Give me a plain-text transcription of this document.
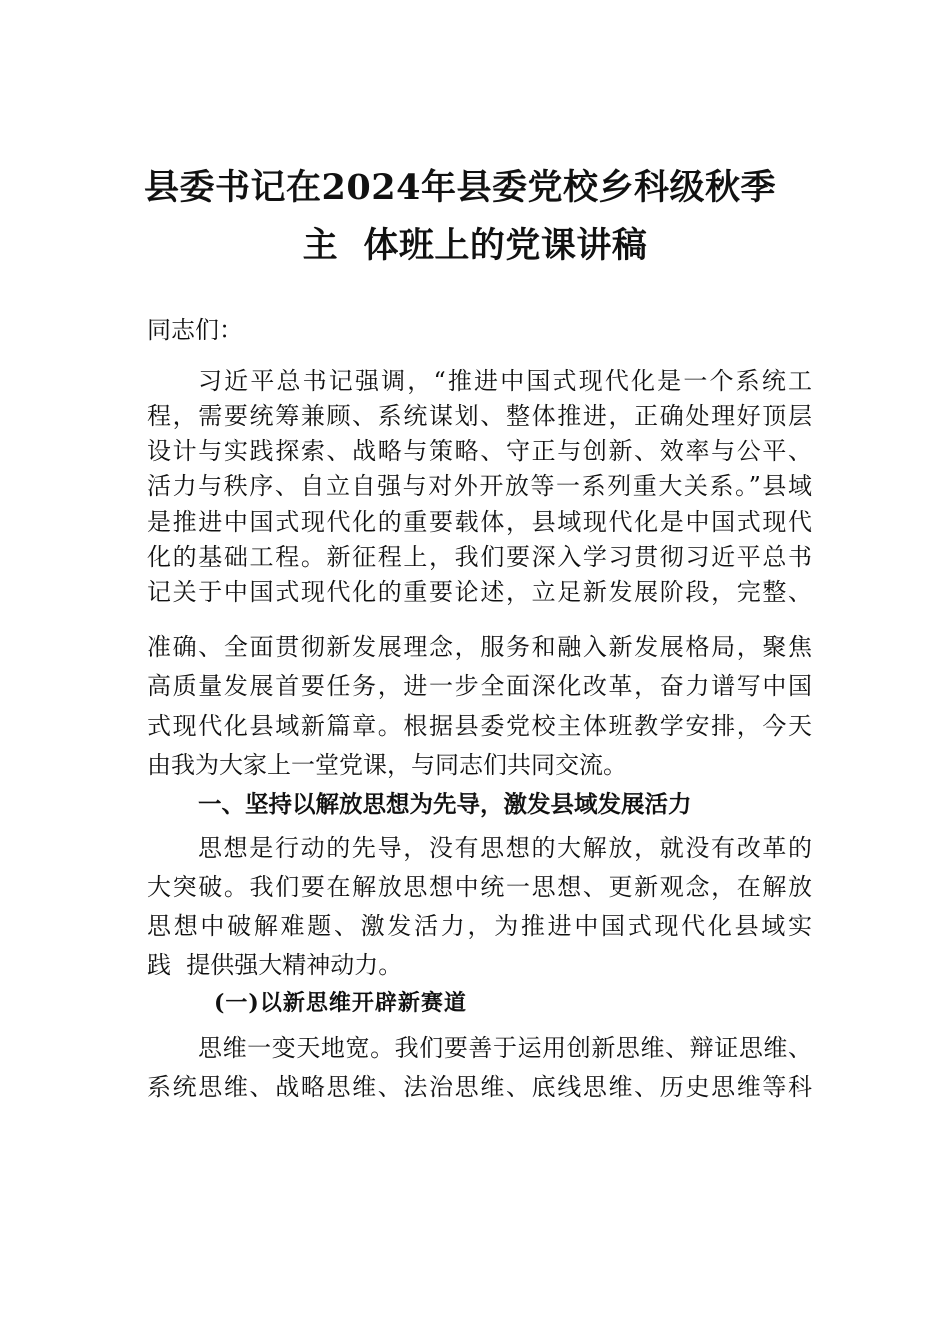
县委书记在2024年县委党校乡科级秋季
主  体班上的党课讲稿
同志们：
习近平总书记强调，“推进中国式现代化是一个系统工
程，需要统筹兼顾、系统谋划、整体推进，正确处理好顶层
设计与实践探索、战略与策略、守正与创新、效率与公平、
活力与秩序、自立自强与对外开放等一系列重大关系。”县域
是推进中国式现代化的重要载体，县域现代化是中国式现代
化的基础工程。新征程上，我们要深入学习贯彻习近平总书
记关于中国式现代化的重要论述，立足新发展阶段，完整、
准确、全面贯彻新发展理念，服务和融入新发展格局，聚焦
高质量发展首要任务，进一步全面深化改革，奋力谱写中国
式现代化县域新篇章。根据县委党校主体班教学安排，今天
由我为大家上一堂党课，与同志们共同交流。
一、坚持以解放思想为先导，激发县域发展活力
思想是行动的先导，没有思想的大解放，就没有改革的
大突破。我们要在解放思想中统一思想、更新观念，在解放
思想中破解难题、激发活力，为推进中国式现代化县域实
践  提供强大精神动力。
(一)以新思维开辟新赛道
思维一变天地宽。我们要善于运用创新思维、辩证思维、
系统思维、战略思维、法治思维、底线思维、历史思维等科
